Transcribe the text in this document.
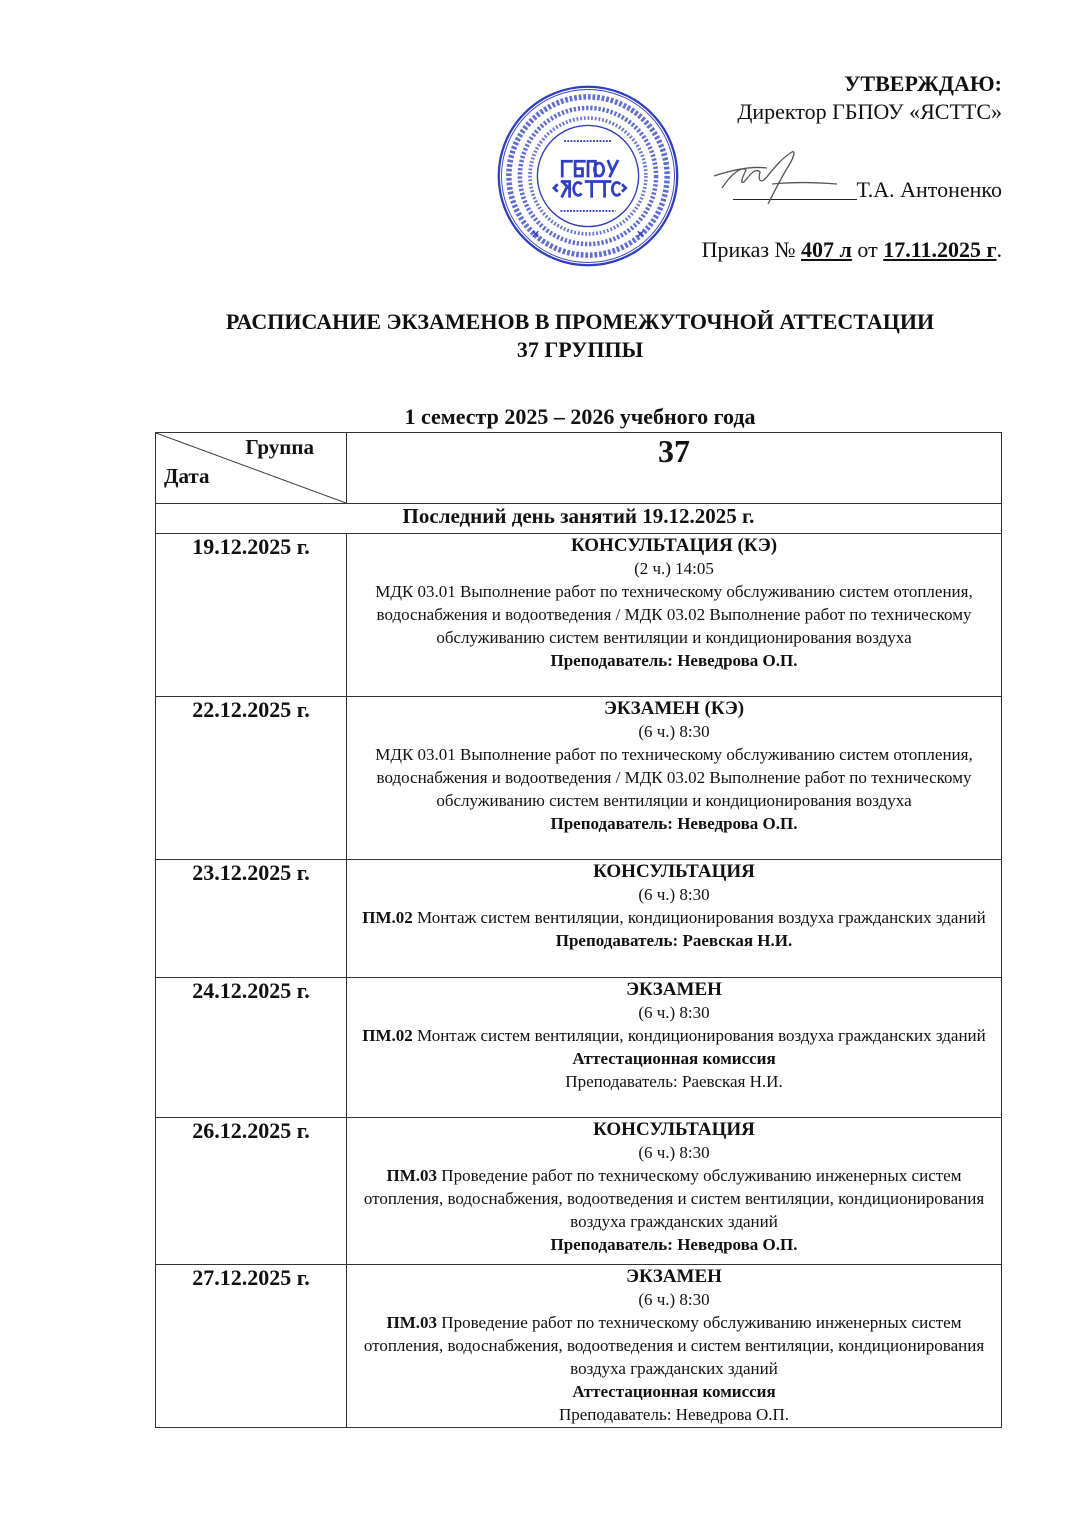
УТВЕРЖДАЮ:
Директор ГБПОУ «ЯСТТС»
Т.А. Антоненко
Приказ № 407 л от 17.11.2025 г.
РАСПИСАНИЕ ЭКЗАМЕНОВ В ПРОМЕЖУТОЧНОЙ АТТЕСТАЦИИ
37 ГРУППЫ
1 семестр 2025 – 2026 учебного года
Группа
Дата	37
Последний день занятий 19.12.2025 г.	
19.12.2025 г.	КОНСУЛЬТАЦИЯ (КЭ)
(2 ч.) 14:05
МДК 03.01 Выполнение работ по техническому обслуживанию систем отопления, водоснабжения и водоотведения / МДК 03.02 Выполнение работ по техническому обслуживанию систем вентиляции и кондиционирования воздуха
Преподаватель: Неведрова О.П.

22.12.2025 г.	ЭКЗАМЕН (КЭ)
(6 ч.) 8:30
МДК 03.01 Выполнение работ по техническому обслуживанию систем отопления, водоснабжения и водоотведения / МДК 03.02 Выполнение работ по техническому обслуживанию систем вентиляции и кондиционирования воздуха
Преподаватель: Неведрова О.П.

23.12.2025 г.	КОНСУЛЬТАЦИЯ
(6 ч.) 8:30
ПМ.02 Монтаж систем вентиляции, кондиционирования воздуха гражданских зданий
Преподаватель: Раевская Н.И.

24.12.2025 г.	ЭКЗАМЕН
(6 ч.) 8:30
ПМ.02 Монтаж систем вентиляции, кондиционирования воздуха гражданских зданий
Аттестационная комиссия
Преподаватель: Раевская Н.И.

26.12.2025 г.	КОНСУЛЬТАЦИЯ
(6 ч.) 8:30
ПМ.03 Проведение работ по техническому обслуживанию инженерных систем отопления, водоснабжения, водоотведения и систем вентиляции, кондиционирования воздуха гражданских зданий
Преподаватель: Неведрова О.П.

27.12.2025 г.	ЭКЗАМЕН
(6 ч.) 8:30
ПМ.03 Проведение работ по техническому обслуживанию инженерных систем отопления, водоснабжения, водоотведения и систем вентиляции, кондиционирования воздуха гражданских зданий
Аттестационная комиссия
Преподаватель: Неведрова О.П.
